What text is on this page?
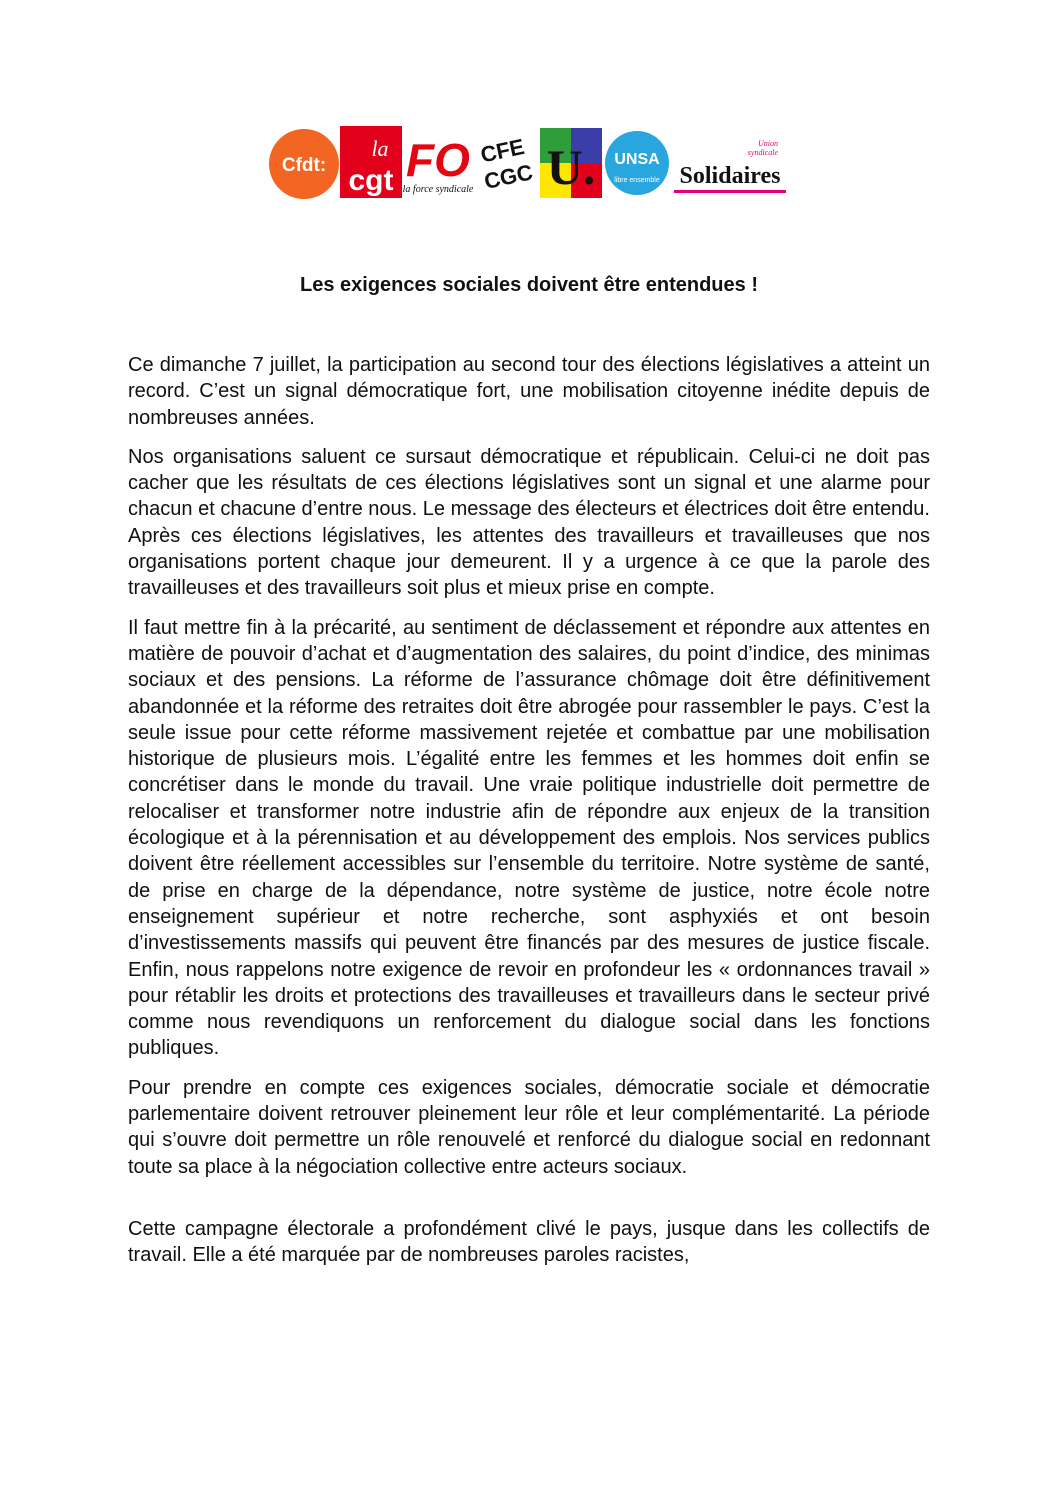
Cfdt:
la
cgt FO
la force syndicale
CFE
CGC U. UNSA
libre ensemble
Union
syndicale
Solidaires
Les exigences sociales doivent être entendues !

Ce dimanche 7 juillet, la participation au second tour des élections législatives a atteint un record. C’est un signal démocratique fort, une mobilisation citoyenne inédite depuis de nombreuses années.

Nos organisations saluent ce sursaut démocratique et républicain. Celui-ci ne doit pas cacher que les résultats de ces élections législatives sont un signal et une alarme pour chacun et chacune d’entre nous. Le message des électeurs et électrices doit être entendu. Après ces élections législatives, les attentes des travailleurs et travailleuses que nos organisations portent chaque jour demeurent. Il y a urgence à ce que la parole des travailleuses et des travailleurs soit plus et mieux prise en compte.

Il faut mettre fin à la précarité, au sentiment de déclassement et répondre aux attentes en matière de pouvoir d’achat et d’augmentation des salaires, du point d’indice, des minimas sociaux et des pensions. La réforme de l’assurance chômage doit être définitivement abandonnée et la réforme des retraites doit être abrogée pour rassembler le pays. C’est la seule issue pour cette réforme massivement rejetée et combattue par une mobilisation historique de plusieurs mois. L’égalité entre les femmes et les hommes doit enfin se concrétiser dans le monde du travail. Une vraie politique industrielle doit permettre de relocaliser et transformer notre industrie afin de répondre aux enjeux de la transition écologique et à la pérennisation et au développement des emplois. Nos services publics doivent être réellement accessibles sur l’ensemble du territoire. Notre système de santé, de prise en charge de la dépendance, notre système de justice, notre école notre enseignement supérieur et notre recherche, sont asphyxiés et ont besoin d’investissements massifs qui peuvent être financés par des mesures de justice fiscale. Enfin, nous rappelons notre exigence de revoir en profondeur les « ordonnances travail » pour rétablir les droits et protections des travailleuses et travailleurs dans le secteur privé comme nous revendiquons un renforcement du dialogue social dans les fonctions publiques.

Pour prendre en compte ces exigences sociales, démocratie sociale et démocratie parlementaire doivent retrouver pleinement leur rôle et leur complémentarité. La période qui s’ouvre doit permettre un rôle renouvelé et renforcé du dialogue social en redonnant toute sa place à la négociation collective entre acteurs sociaux.

Cette campagne électorale a profondément clivé le pays, jusque dans les collectifs de travail. Elle a été marquée par de nombreuses paroles racistes,
